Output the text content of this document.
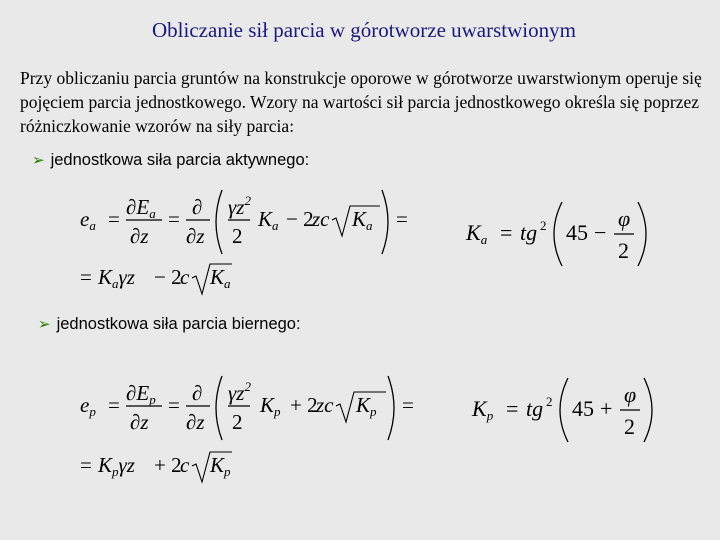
Obliczanie sił parcia w górotworze uwarstwionym
Przy obliczaniu parcia gruntów na konstrukcje oporowe w górotworze uwarstwionym operuje się pojęciem parcia jednostkowego. Wzory na wartości sił parcia jednostkowego określa się poprzez różniczkowanie wzorów na siły parcia:
➢ jednostkowa siła parcia aktywnego:
➢ jednostkowa siła parcia biernego:
ea = ∂Ea
∂z
= ∂
∂z
$\gamma z^2$
2
Ka − 2
zc Ka =
= Kaγz − 2
c Ka
Ka = tg 2 45 −
φ
2
ep = ∂Ep
∂z
= ∂
∂z
$\gamma z^2$
2
Kp + 2
zc Kp =
= Kpγz + 2
c Kp
Kp = tg 2 45 +
φ
2
